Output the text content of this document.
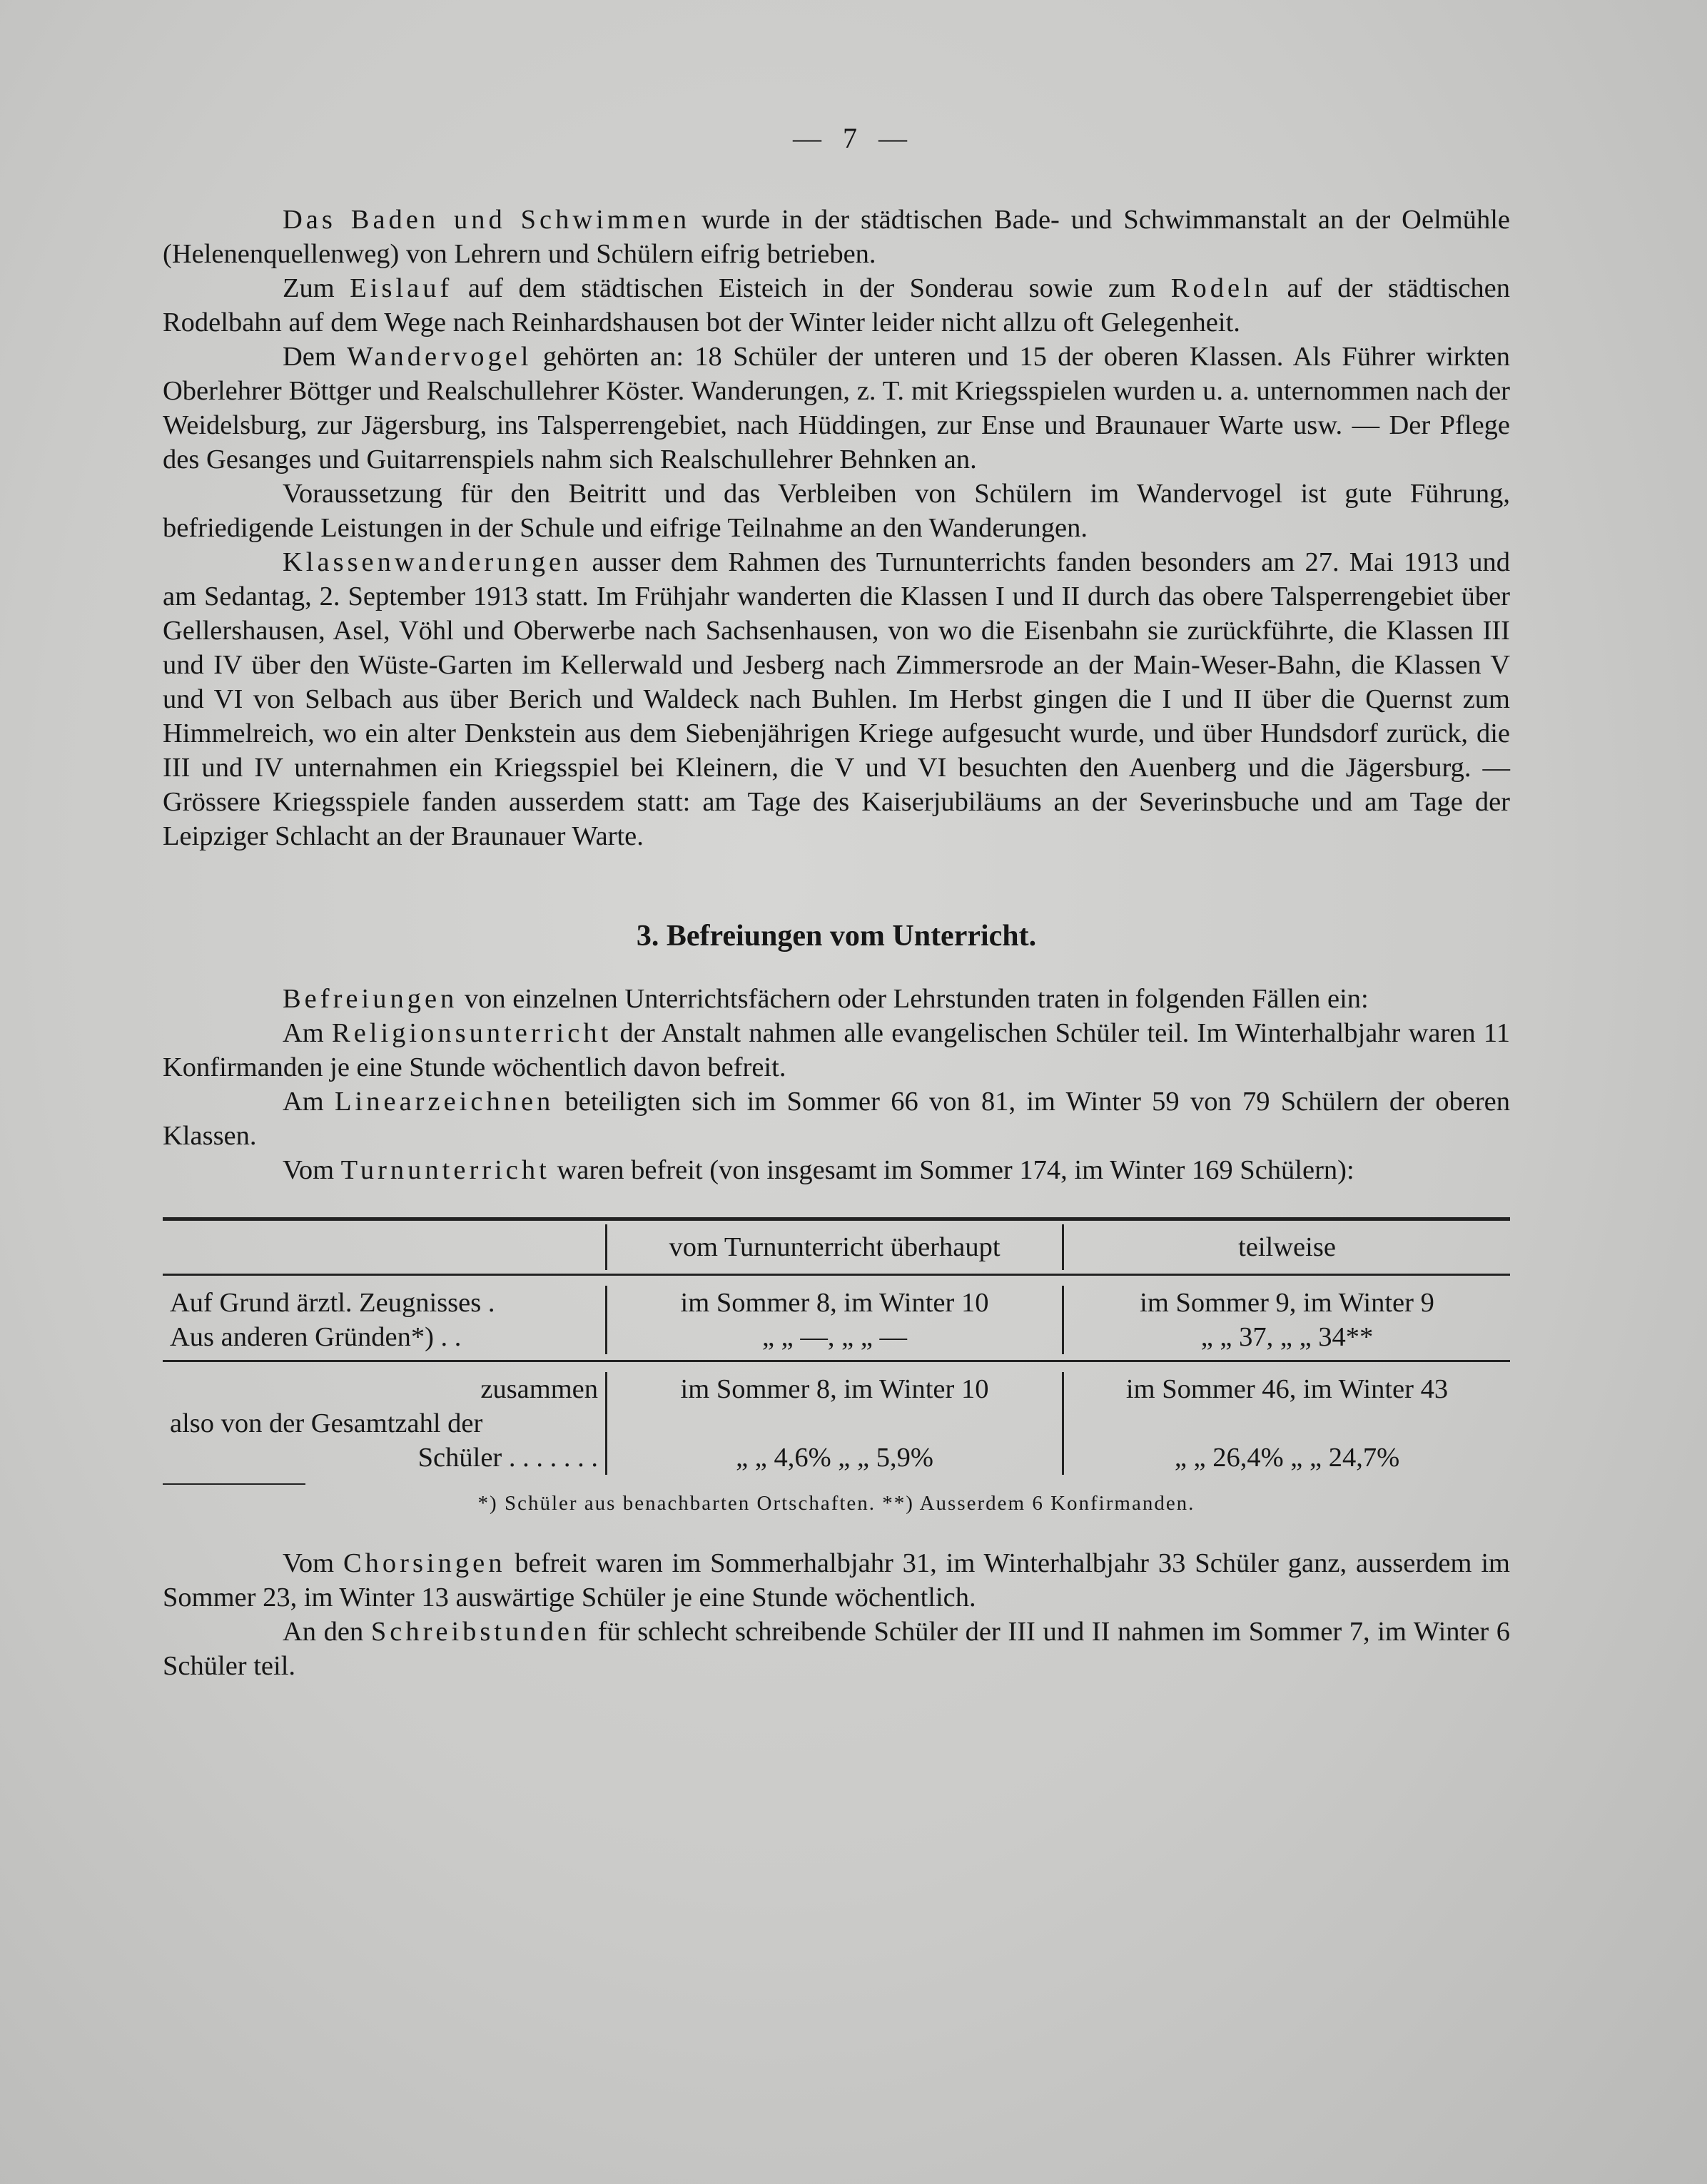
— 7 —

Das Baden und Schwimmen wurde in der städtischen Bade- und Schwimmanstalt an der Oelmühle (Helenenquellenweg) von Lehrern und Schülern eifrig betrieben.

Zum Eislauf auf dem städtischen Eisteich in der Sonderau sowie zum Rodeln auf der städtischen Rodelbahn auf dem Wege nach Reinhardshausen bot der Winter leider nicht allzu oft Gelegenheit.

Dem Wandervogel gehörten an: 18 Schüler der unteren und 15 der oberen Klassen. Als Führer wirkten Oberlehrer Böttger und Realschullehrer Köster. Wanderungen, z. T. mit Kriegsspielen wurden u. a. unternommen nach der Weidelsburg, zur Jägersburg, ins Talsperrengebiet, nach Hüddingen, zur Ense und Braunauer Warte usw. — Der Pflege des Gesanges und Guitarrenspiels nahm sich Realschullehrer Behnken an.

Voraussetzung für den Beitritt und das Verbleiben von Schülern im Wandervogel ist gute Führung, befriedigende Leistungen in der Schule und eifrige Teilnahme an den Wanderungen.

Klassenwanderungen ausser dem Rahmen des Turnunterrichts fanden besonders am 27. Mai 1913 und am Sedantag, 2. September 1913 statt. Im Frühjahr wanderten die Klassen I und II durch das obere Talsperrengebiet über Gellershausen, Asel, Vöhl und Oberwerbe nach Sachsenhausen, von wo die Eisenbahn sie zurückführte, die Klassen III und IV über den Wüste-Garten im Kellerwald und Jesberg nach Zimmersrode an der Main-Weser-Bahn, die Klassen V und VI von Selbach aus über Berich und Waldeck nach Buhlen. Im Herbst gingen die I und II über die Quernst zum Himmelreich, wo ein alter Denkstein aus dem Siebenjährigen Kriege aufgesucht wurde, und über Hundsdorf zurück, die III und IV unternahmen ein Kriegsspiel bei Kleinern, die V und VI besuchten den Auenberg und die Jägersburg. — Grössere Kriegsspiele fanden ausserdem statt: am Tage des Kaiserjubiläums an der Severinsbuche und am Tage der Leipziger Schlacht an der Braunauer Warte.

3. Befreiungen vom Unterricht.

Befreiungen von einzelnen Unterrichtsfächern oder Lehrstunden traten in folgenden Fällen ein:

Am Religionsunterricht der Anstalt nahmen alle evangelischen Schüler teil. Im Winterhalbjahr waren 11 Konfirmanden je eine Stunde wöchentlich davon befreit.

Am Linearzeichnen beteiligten sich im Sommer 66 von 81, im Winter 59 von 79 Schülern der oberen Klassen.

Vom Turnunterricht waren befreit (von insgesamt im Sommer 174, im Winter 169 Schülern):

vom Turnunterricht überhaupt	teilweise
Auf Grund ärztl. Zeugnisses .
Aus anderen Gründen*) . .
im Sommer 8, im Winter 10
„ „ —, „ „ —
im Sommer 9, im Winter 9
„ „ 37, „ „ 34**
zusammen
also von der Gesamtzahl der
Schüler . . . . . . .
im Sommer 8, im Winter 10

„ „ 4,6% „ „ 5,9%
im Sommer 46, im Winter 43

„ „ 26,4% „ „ 24,7%
*) Schüler aus benachbarten Ortschaften. **) Ausserdem 6 Konfirmanden.

Vom Chorsingen befreit waren im Sommerhalbjahr 31, im Winterhalbjahr 33 Schüler ganz, ausserdem im Sommer 23, im Winter 13 auswärtige Schüler je eine Stunde wöchentlich.

An den Schreibstunden für schlecht schreibende Schüler der III und II nahmen im Sommer 7, im Winter 6 Schüler teil.
